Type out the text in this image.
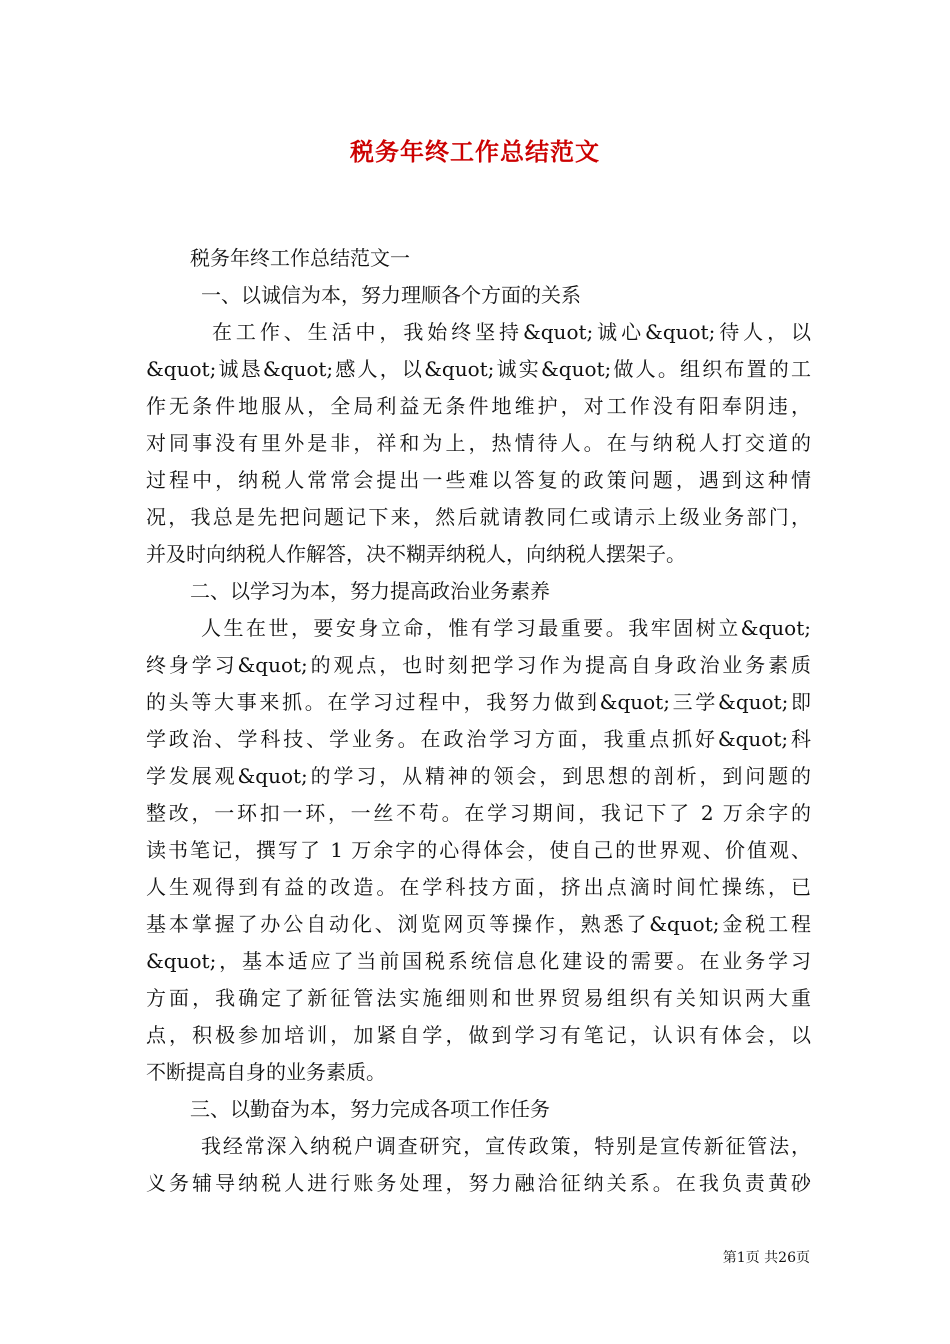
税务年终工作总结范文

税务年终工作总结范文一

一、以诚信为本，努力理顺各个方面的关系

在工作、生活中，我始终坚持&quot;诚心&quot;待人，以

&quot;诚恳&quot;感人，以&quot;诚实&quot;做人。组织布置的工

作无条件地服从，全局利益无条件地维护，对工作没有阳奉阴违，

对同事没有里外是非，祥和为上，热情待人。在与纳税人打交道的

过程中，纳税人常常会提出一些难以答复的政策问题，遇到这种情

况，我总是先把问题记下来，然后就请教同仁或请示上级业务部门，

并及时向纳税人作解答，决不糊弄纳税人，向纳税人摆架子。

二、以学习为本，努力提高政治业务素养

人生在世，要安身立命，惟有学习最重要。我牢固树立&quot;

终身学习&quot;的观点，也时刻把学习作为提高自身政治业务素质

的头等大事来抓。在学习过程中，我努力做到&quot;三学&quot;即

学政治、学科技、学业务。在政治学习方面，我重点抓好&quot;科

学发展观&quot;的学习，从精神的领会，到思想的剖析，到问题的

整改，一环扣一环，一丝不苟。在学习期间，我记下了 2 万余字的

读书笔记，撰写了 1 万余字的心得体会，使自己的世界观、价值观、

人生观得到有益的改造。在学科技方面，挤出点滴时间忙操练，已

基本掌握了办公自动化、浏览网页等操作，熟悉了&quot;金税工程

&quot;，基本适应了当前国税系统信息化建设的需要。在业务学习

方面，我确定了新征管法实施细则和世界贸易组织有关知识两大重

点，积极参加培训，加紧自学，做到学习有笔记，认识有体会，以

不断提高自身的业务素质。

三、以勤奋为本，努力完成各项工作任务

我经常深入纳税户调查研究，宣传政策，特别是宣传新征管法，

义务辅导纳税人进行账务处理，努力融洽征纳关系。在我负责黄砂

第1页 共26页
